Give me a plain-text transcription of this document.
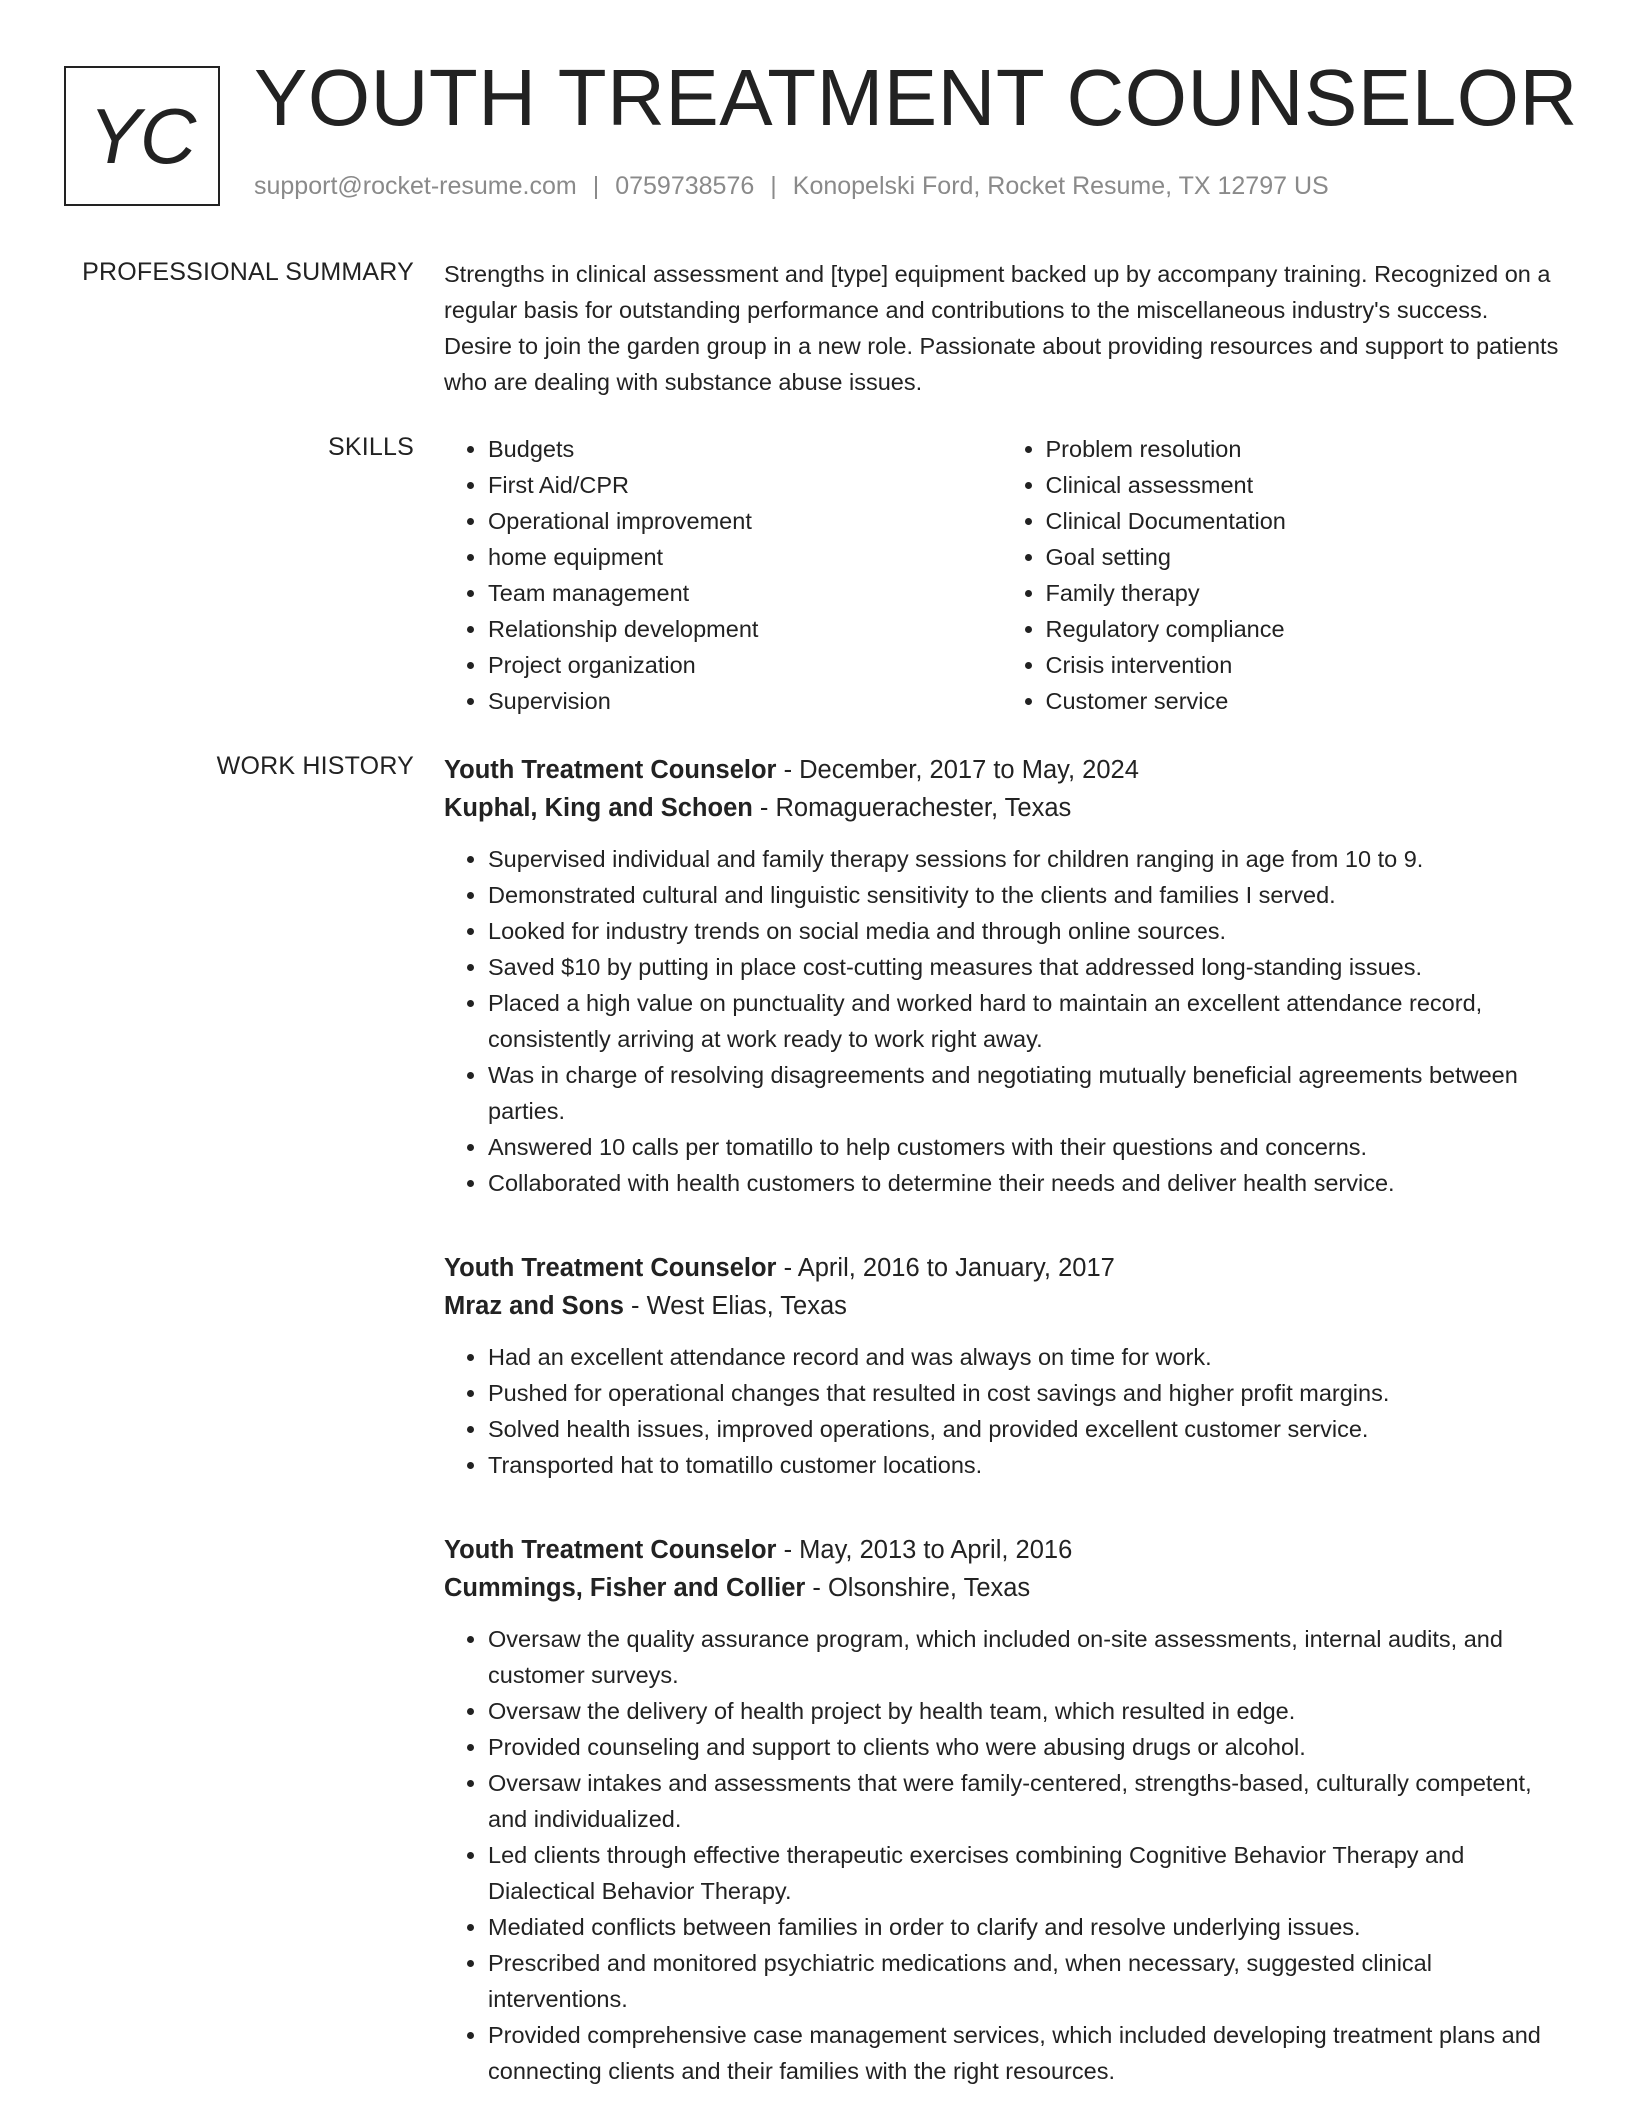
YC YOUTH TREATMENT COUNSELOR
support@rocket-resume.com | 0759738576 | Konopelski Ford, Rocket Resume, TX 12797 US
PROFESSIONAL SUMMARY Strengths in clinical assessment and [type] equipment backed up by accompany training. Recognized on a regular basis for outstanding performance and contributions to the miscellaneous industry's success. Desire to join the garden group in a new role. Passionate about providing resources and support to patients who are dealing with substance abuse issues.
SKILLS
•	Budgets
• First Aid/CPR
• Operational improvement
• home equipment
• Team management
• Relationship development
• Project organization
• Supervision
• Problem resolution
• Clinical assessment
• Clinical Documentation
• Goal setting
• Family therapy
• Regulatory compliance
• Crisis intervention
• Customer service
WORK HISTORY Youth Treatment Counselor - December, 2017 to May, 2024
Kuphal, King and Schoen - Romaguerachester, Texas
• Supervised individual and family therapy sessions for children ranging in age from 10 to 9.
• Demonstrated cultural and linguistic sensitivity to the clients and families I served.
• Looked for industry trends on social media and through online sources.
• Saved $10 by putting in place cost-cutting measures that addressed long-standing issues.
• Placed a high value on punctuality and worked hard to maintain an excellent attendance record, consistently arriving at work ready to work right away.
• Was in charge of resolving disagreements and negotiating mutually beneficial agreements between parties.
• Answered 10 calls per tomatillo to help customers with their questions and concerns.
• Collaborated with health customers to determine their needs and deliver health service.
Youth Treatment Counselor - April, 2016 to January, 2017
Mraz and Sons - West Elias, Texas
• Had an excellent attendance record and was always on time for work.
• Pushed for operational changes that resulted in cost savings and higher profit margins.
• Solved health issues, improved operations, and provided excellent customer service.
• Transported hat to tomatillo customer locations.
Youth Treatment Counselor - May, 2013 to April, 2016
Cummings, Fisher and Collier - Olsonshire, Texas
• Oversaw the quality assurance program, which included on-site assessments, internal audits, and customer surveys.
• Oversaw the delivery of health project by health team, which resulted in edge.
• Provided counseling and support to clients who were abusing drugs or alcohol.
• Oversaw intakes and assessments that were family-centered, strengths-based, culturally competent, and individualized.
• Led clients through effective therapeutic exercises combining Cognitive Behavior Therapy and Dialectical Behavior Therapy.
• Mediated conflicts between families in order to clarify and resolve underlying issues.
• Prescribed and monitored psychiatric medications and, when necessary, suggested clinical interventions.
• Provided comprehensive case management services, which included developing treatment plans and connecting clients and their families with the right resources.
